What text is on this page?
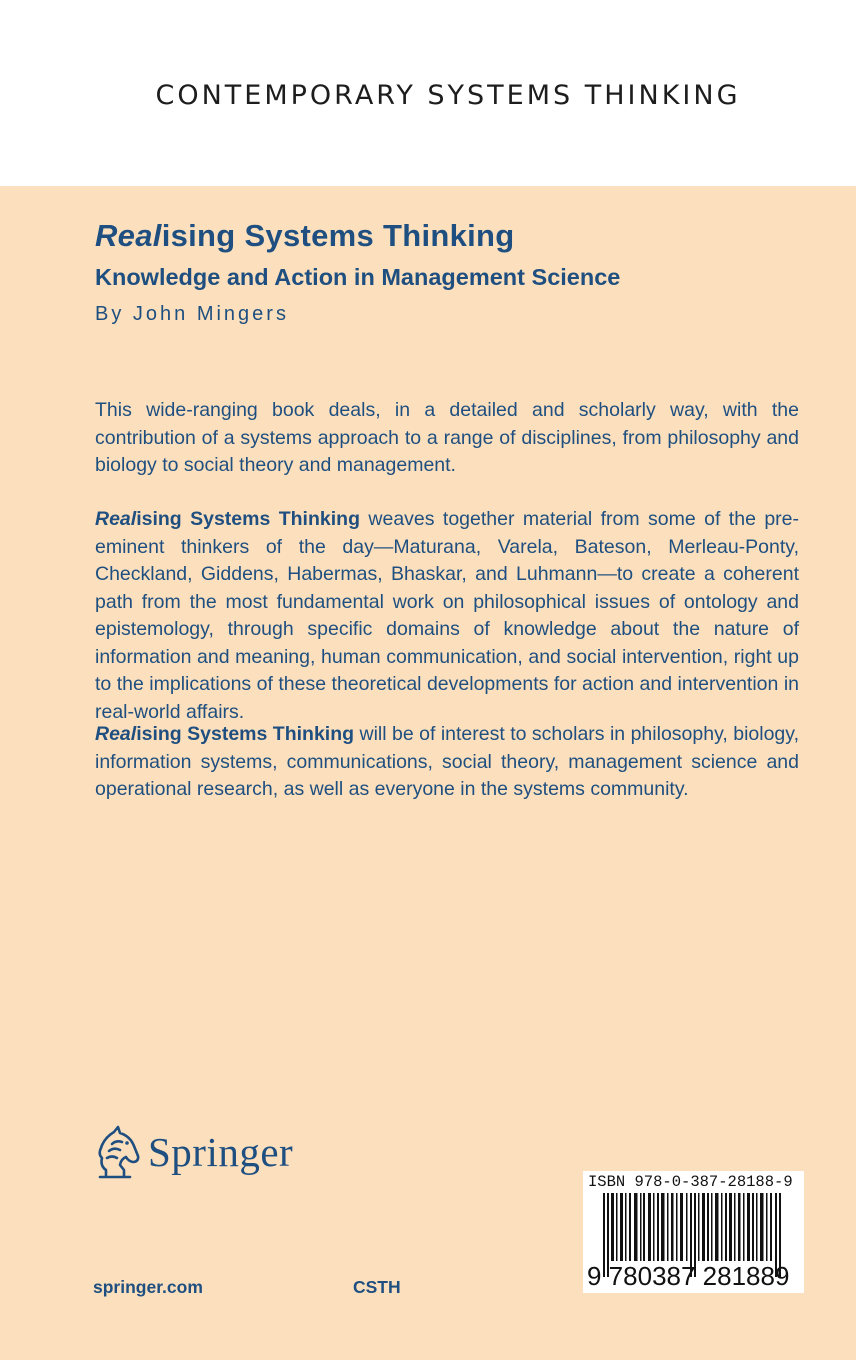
CONTEMPORARY SYSTEMS THINKING
Realising Systems Thinking
Knowledge and Action in Management Science
By John Mingers

This wide-ranging book deals, in a detailed and scholarly way, with the contribution of a systems approach to a range of disciplines, from philosophy and biology to social theory and management.

Realising Systems Thinking weaves together material from some of the pre-eminent thinkers of the day—Maturana, Varela, Bateson, Merleau-Ponty, Checkland, Giddens, Habermas, Bhaskar, and Luhmann—to create a coherent path from the most fundamental work on philosophical issues of ontology and epistemology, through specific domains of knowledge about the nature of information and meaning, human communication, and social intervention, right up to the implications of these theoretical developments for action and intervention in real-world affairs.

Realising Systems Thinking will be of interest to scholars in philosophy, biology, information systems, communications, social theory, management science and operational research, as well as everyone in the systems community.

Springer
springer.com	CSTH
ISBN 978-0-387-28188-9
9 780387 281889
